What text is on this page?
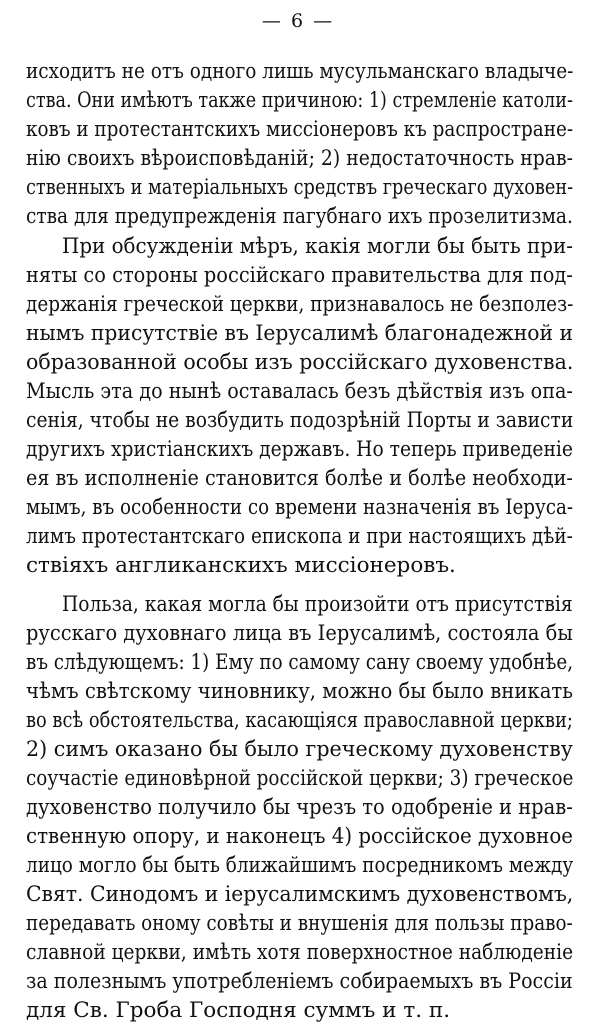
— 6 —
исходитъ не отъ одного лишь мусульманскаго владыче-
ства. Они имѣютъ также причиною: 1) стремленіе католи-
ковъ и протестантскихъ миссіонеровъ къ распростране-
нію своихъ вѣроисповѣданій; 2) недостаточность нрав-
ственныхъ и матеріальныхъ средствъ греческаго духовен-
ства для предупрежденія пагубнаго ихъ прозелитизма.
При обсужденіи мѣръ, какія могли бы быть при-
няты со стороны россійскаго правительства для под-
держанія греческой церкви, признавалось не безполез-
нымъ присутствіе въ Іерусалимѣ благонадежной и
образованной особы изъ россійскаго духовенства.
Мысль эта до нынѣ оставалась безъ дѣйствія изъ опа-
сенія, чтобы не возбудить подозрѣній Порты и зависти
другихъ христіанскихъ державъ. Но теперь приведеніе
ея въ исполненіе становится болѣе и болѣе необходи-
мымъ, въ особенности со времени назначенія въ Іеруса-
лимъ протестантскаго епископа и при настоящихъ дѣй-
ствіяхъ англиканскихъ миссіонеровъ.
Польза, какая могла бы произойти отъ присутствія
русскаго духовнаго лица въ Іерусалимѣ, состояла бы
въ слѣдующемъ: 1) Ему по самому сану своему удобнѣе,
чѣмъ свѣтскому чиновнику, можно бы было вникать
во всѣ обстоятельства, касающіяся православной церкви;
2) симъ оказано бы было греческому духовенству
соучастіе единовѣрной россійской церкви; 3) греческое
духовенство получило бы чрезъ то одобреніе и нрав-
ственную опору, и наконецъ 4) россійское духовное
лицо могло бы быть ближайшимъ посредникомъ между
Свят. Синодомъ и іерусалимскимъ духовенствомъ,
передавать оному совѣты и внушенія для пользы право-
славной церкви, имѣть хотя поверхностное наблюденіе
за полезнымъ употребленіемъ собираемыхъ въ Россіи
для Св. Гроба Господня суммъ и т. п.
